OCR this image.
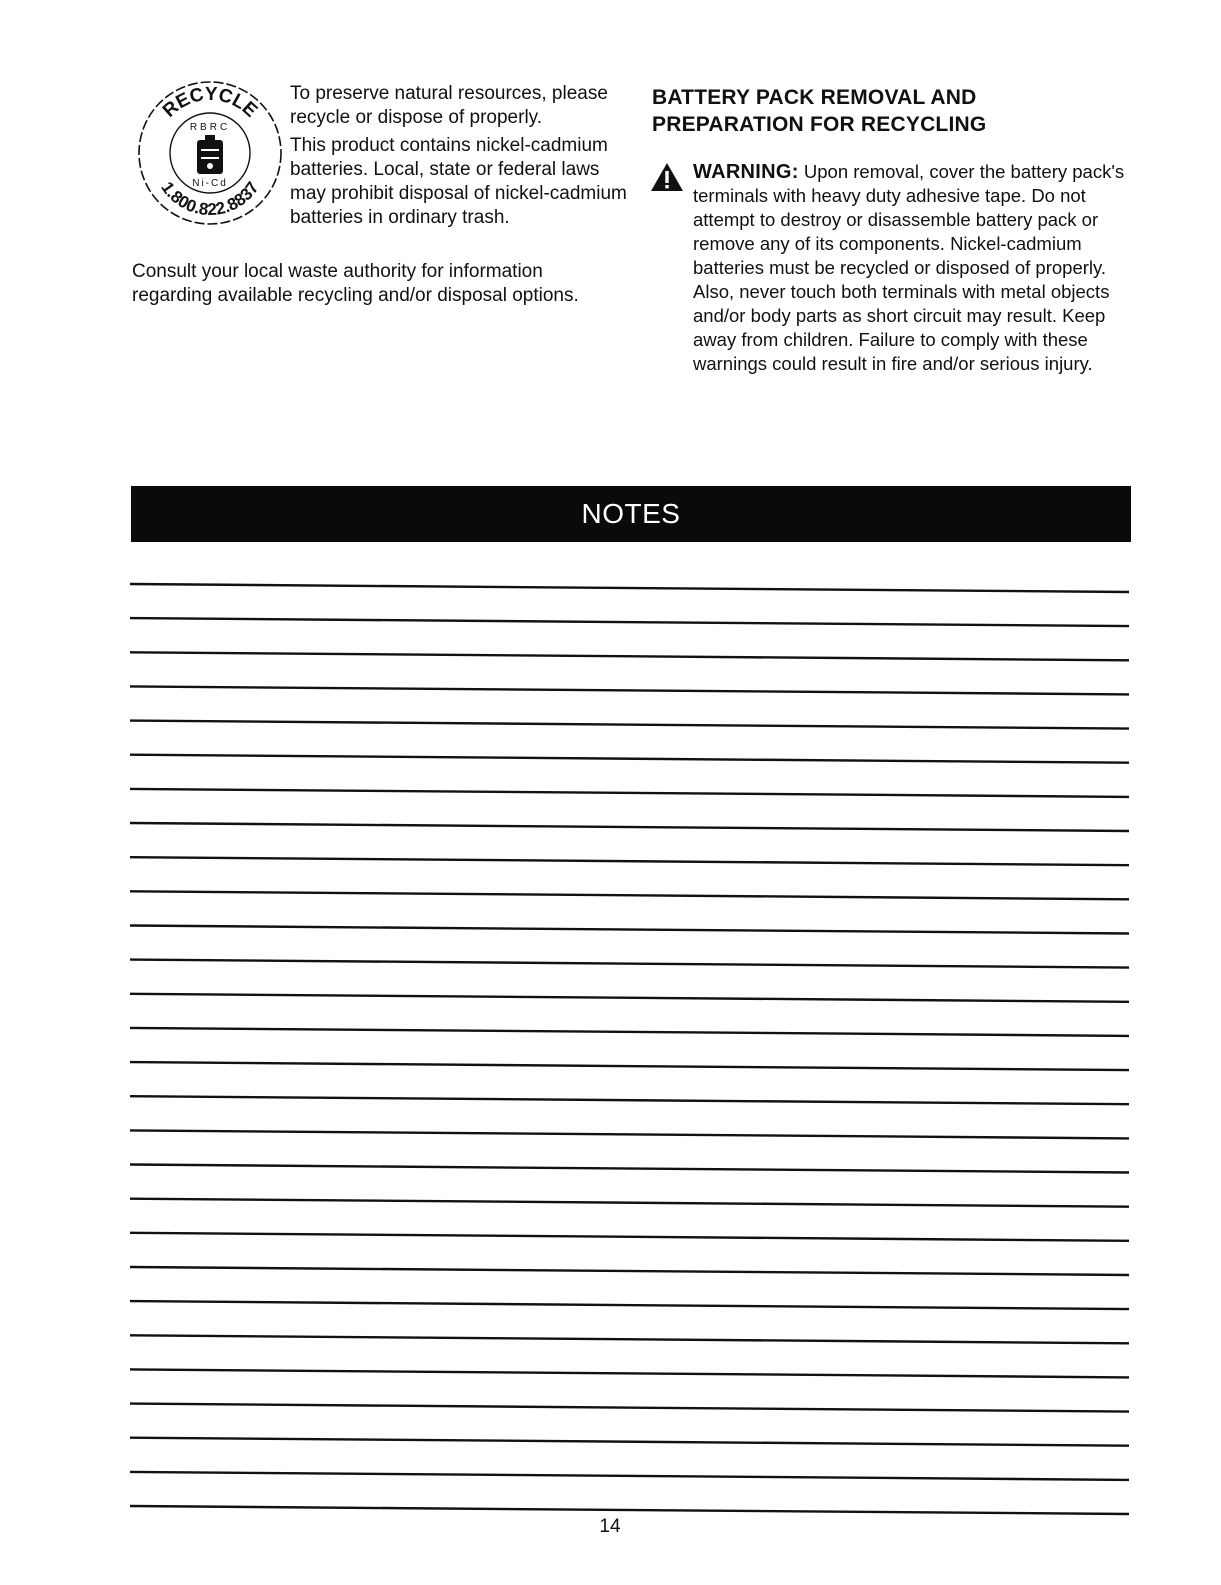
RECYCLE
1.800.822.8837
RBRC
Ni-Cd

To preserve natural resources, please recycle or dispose of properly.

This product contains nickel-cadmium batteries. Local, state or federal laws may prohibit disposal of nickel-cadmium batteries in ordinary trash.

Consult your local waste authority for information regarding available recycling and/or disposal options.

BATTERY PACK REMOVAL AND PREPARATION FOR RECYCLING

WARNING: Upon removal, cover the battery pack's terminals with heavy duty adhesive tape. Do not attempt to destroy or disassemble battery pack or remove any of its components. Nickel-cadmium batteries must be recycled or disposed of properly. Also, never touch both terminals with metal objects and/or body parts as short circuit may result. Keep away from children. Failure to comply with these warnings could result in fire and/or serious injury.

NOTES

14
